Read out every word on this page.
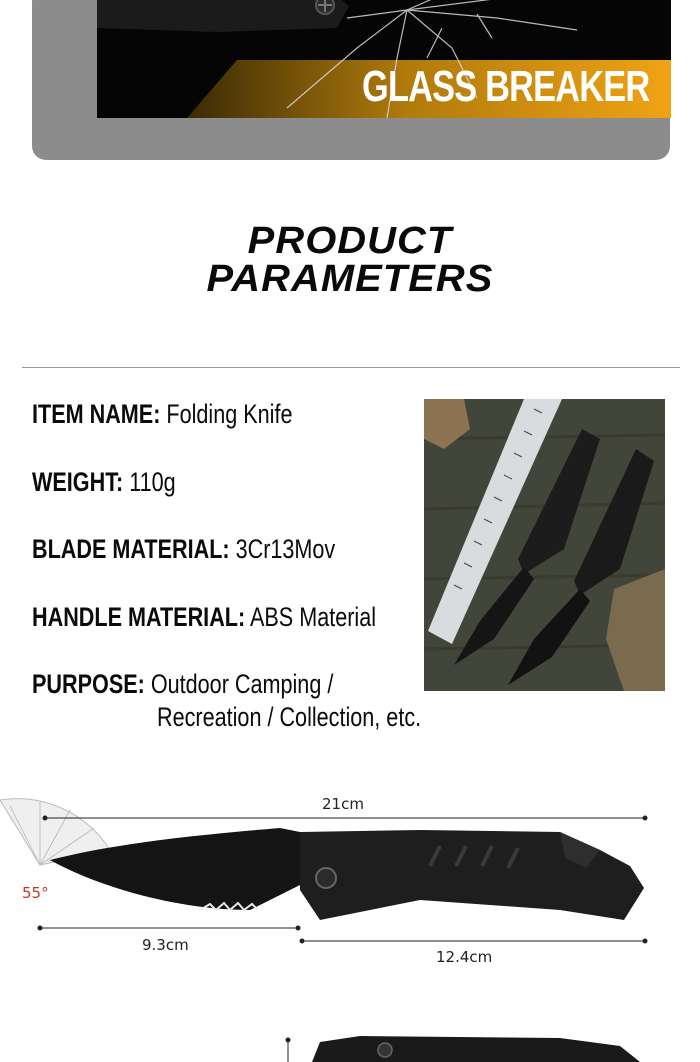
GLASS BREAKER
PRODUCT
PARAMETERS
ITEM NAME: Folding Knife
WEIGHT: 110g
BLADE MATERIAL: 3Cr13Mov
HANDLE MATERIAL: ABS Material
PURPOSE: Outdoor Camping /
Recreation / Collection, etc.
21cm
9.3cm
12.4cm
55°
